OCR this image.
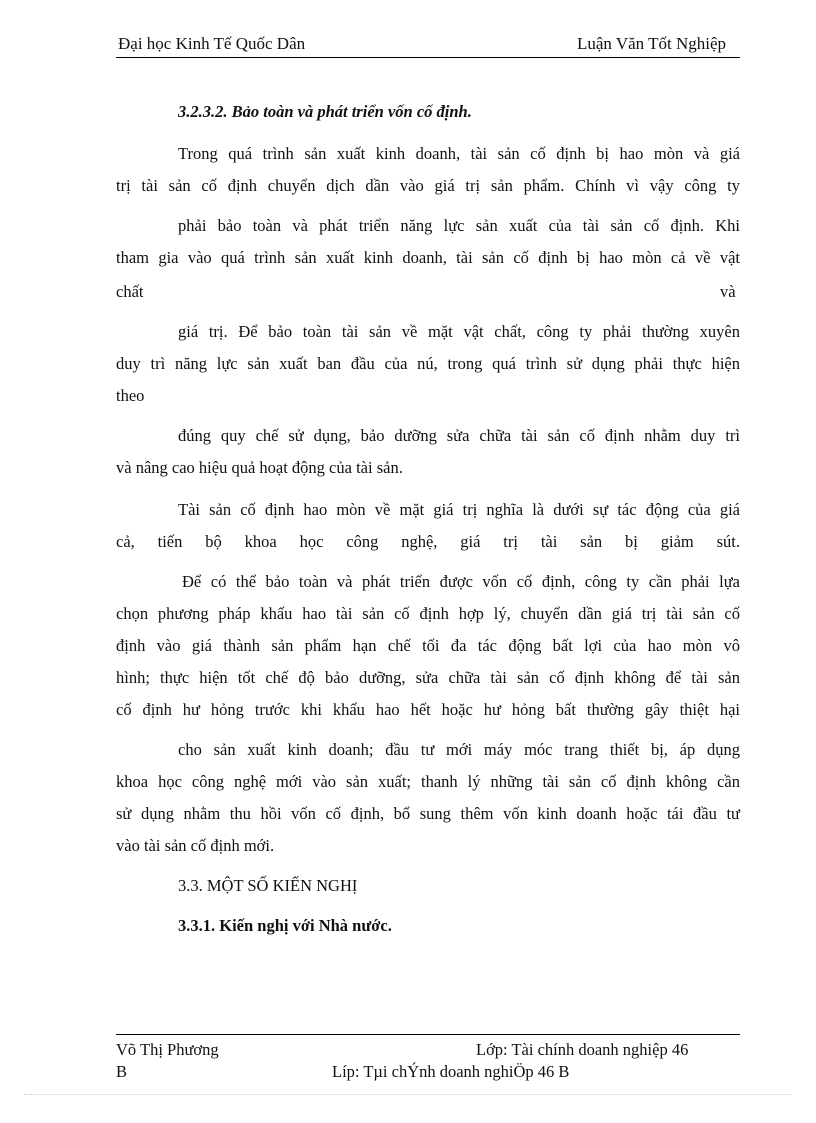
Đại học Kinh Tế Quốc Dân	Luận Văn Tốt Nghiệp
3.2.3.2. Bảo toàn và phát triển vốn cố định.
Trong quá trình sản xuất kinh doanh, tài sản cố định bị hao mòn và giá
trị tài sản cố định chuyển dịch dần vào giá trị sản phẩm. Chính vì vậy công ty
phải bảo toàn và phát triển năng lực sản xuất của tài sản cố định. Khi
tham gia vào quá trình sản xuất kinh doanh, tài sản cố định bị hao mòn cả về vật
chất	và
giá trị. Để bảo toàn tài sản về mặt vật chất, công ty phải thường xuyên
duy trì năng lực sản xuất ban đầu của nú, trong quá trình sử dụng phải thực hiện
theo
đúng quy chế sử dụng, bảo dưỡng sửa chữa tài sản cố định nhằm duy trì
và nâng cao hiệu quả hoạt động của tài sản.
Tài sản cố định hao mòn về mặt giá trị nghĩa là dưới sự tác động của giá
cả, tiến bộ khoa học công nghệ, giá trị tài sản bị giảm sút.
Để có thể bảo toàn và phát triển được vốn cố định, công ty cần phải lựa
chọn phương pháp khấu hao tài sản cố định hợp lý, chuyển dần giá trị tài sản cố
định vào giá thành sản phẩm hạn chế tối đa tác động bất lợi của hao mòn vô
hình; thực hiện tốt chế độ bảo dưỡng, sửa chữa tài sản cố định không để tài sản
cố định hư hỏng trước khi khấu hao hết hoặc hư hỏng bất thường gây thiệt hại
cho sản xuất kinh doanh; đầu tư mới máy móc trang thiết bị, áp dụng
khoa học công nghệ mới vào sản xuất; thanh lý những tài sản cố định không cần
sử dụng nhằm thu hồi vốn cố định, bổ sung thêm vốn kinh doanh hoặc tái đầu tư
vào tài sản cố định mới.
3.3. MỘT SỐ KIẾN NGHỊ
3.3.1. Kiến nghị với Nhà nước.
Võ Thị Phương	Lớp: Tài chính doanh nghiệp 46
B	Líp: Tµi chÝnh doanh nghiÖp 46 B
